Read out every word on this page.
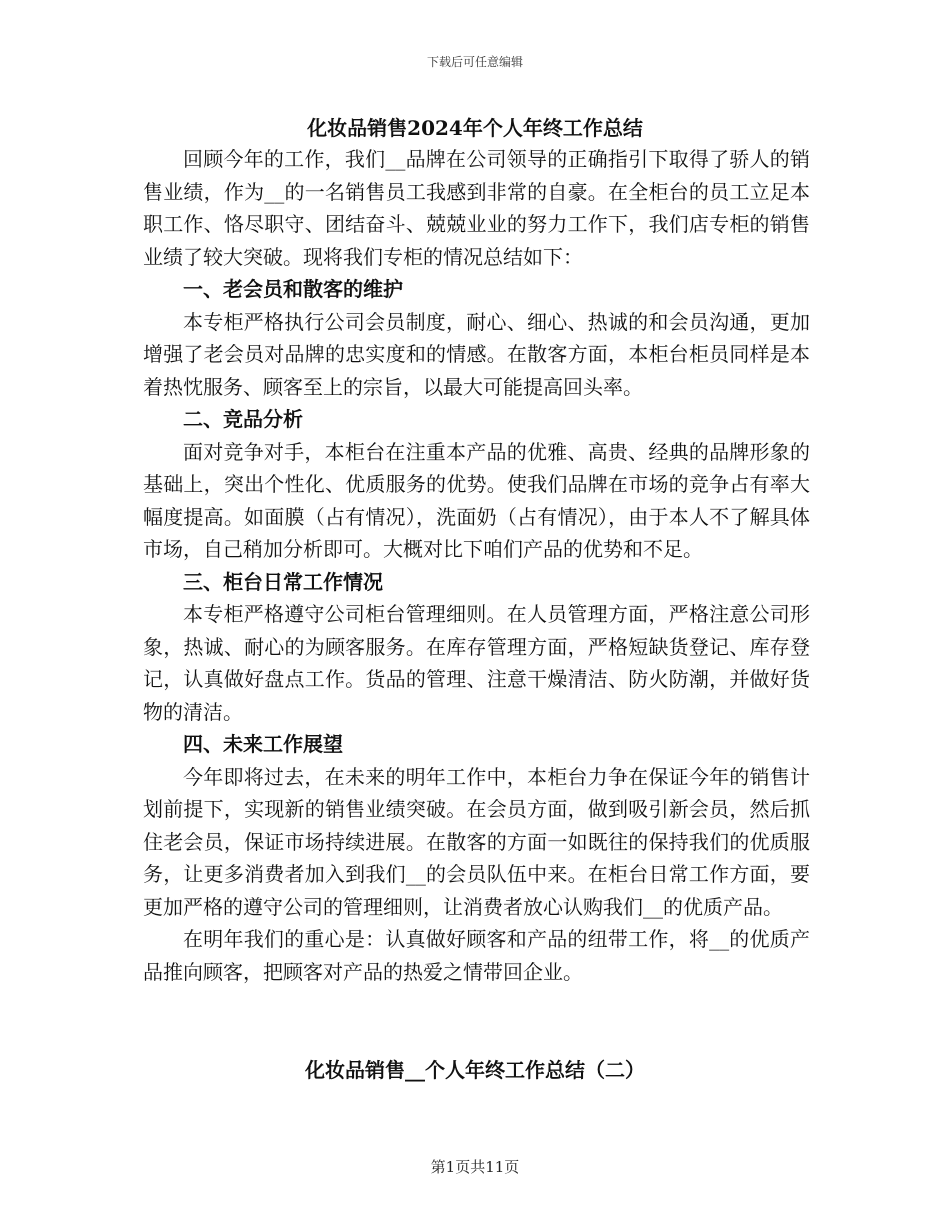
下载后可任意编辑
化妆品销售2024年个人年终工作总结

回顾今年的工作，我们__品牌在公司领导的正确指引下取得了骄人的销售业绩，作为__的一名销售员工我感到非常的自豪。在全柜台的员工立足本职工作、恪尽职守、团结奋斗、兢兢业业的努力工作下，我们店专柜的销售业绩了较大突破。现将我们专柜的情况总结如下：

一、老会员和散客的维护

本专柜严格执行公司会员制度，耐心、细心、热诚的和会员沟通，更加增强了老会员对品牌的忠实度和的情感。在散客方面，本柜台柜员同样是本着热忱服务、顾客至上的宗旨，以最大可能提高回头率。

二、竞品分析

面对竞争对手，本柜台在注重本产品的优雅、高贵、经典的品牌形象的基础上，突出个性化、优质服务的优势。使我们品牌在市场的竞争占有率大幅度提高。如面膜（占有情况），洗面奶（占有情况），由于本人不了解具体市场，自己稍加分析即可。大概对比下咱们产品的优势和不足。

三、柜台日常工作情况

本专柜严格遵守公司柜台管理细则。在人员管理方面，严格注意公司形象，热诚、耐心的为顾客服务。在库存管理方面，严格短缺货登记、库存登记，认真做好盘点工作。货品的管理、注意干燥清洁、防火防潮，并做好货物的清洁。

四、未来工作展望

今年即将过去，在未来的明年工作中，本柜台力争在保证今年的销售计划前提下，实现新的销售业绩突破。在会员方面，做到吸引新会员，然后抓住老会员，保证市场持续进展。在散客的方面一如既往的保持我们的优质服务，让更多消费者加入到我们__的会员队伍中来。在柜台日常工作方面，要更加严格的遵守公司的管理细则，让消费者放心认购我们__的优质产品。

在明年我们的重心是：认真做好顾客和产品的纽带工作，将__的优质产品推向顾客，把顾客对产品的热爱之情带回企业。

化妆品销售__个人年终工作总结（二）
第1页共11页
